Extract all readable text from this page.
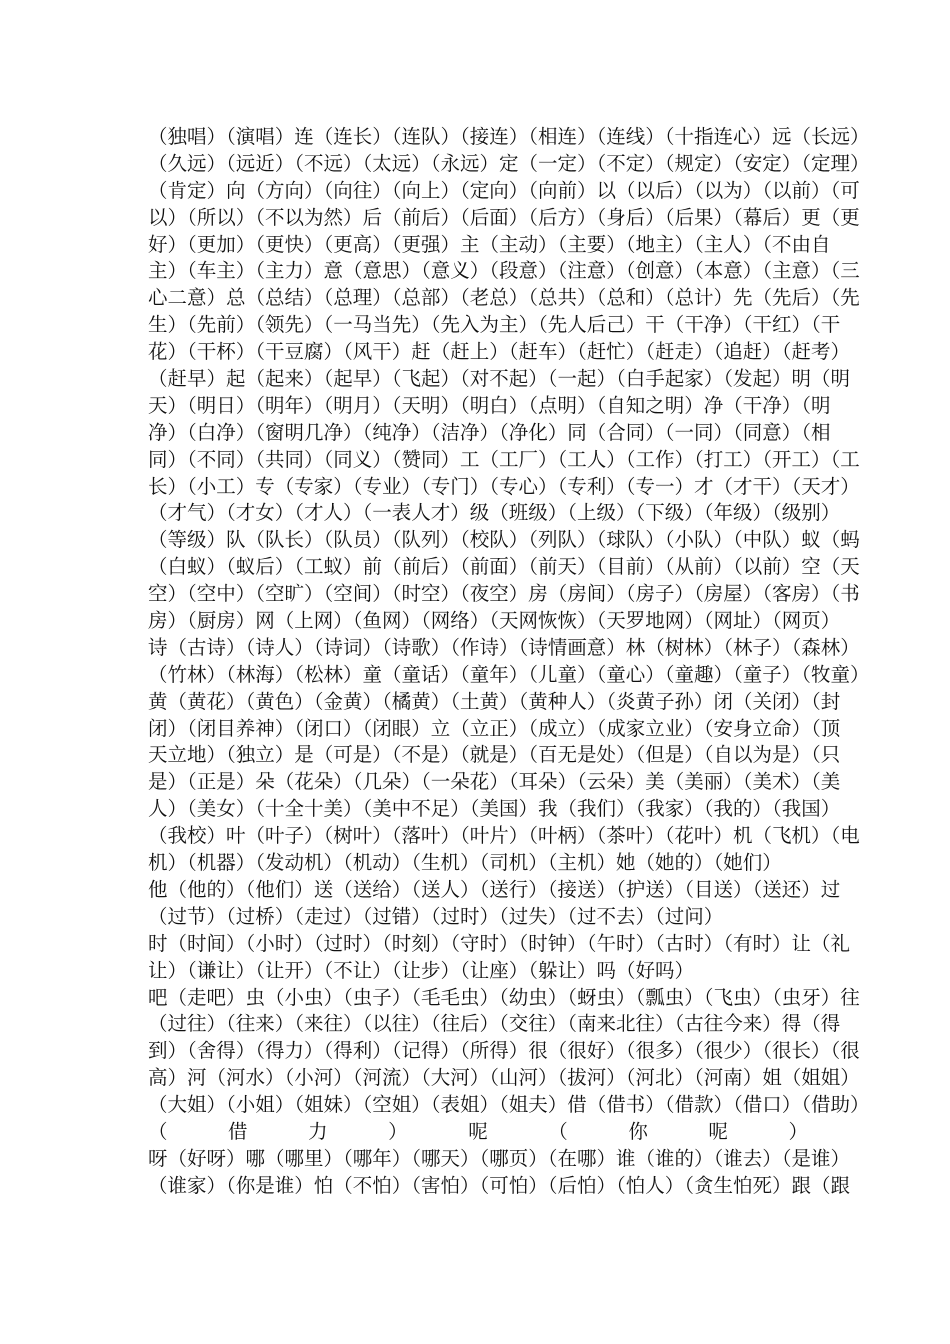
（独唱）（演唱）连（连长）（连队）（接连）（相连）（连线）（十指连心）远（长远）
（久远）（远近）（不远）（太远）（永远）定（一定）（不定）（规定）（安定）（定理）
（肯定）向（方向）（向往）（向上）（定向）（向前）以（以后）（以为）（以前）（可
以）（所以）（不以为然）后（前后）（后面）（后方）（身后）（后果）（幕后）更（更
好）（更加）（更快）（更高）（更强）主（主动）（主要）（地主）（主人）（不由自
主）（车主）（主力）意（意思）（意义）（段意）（注意）（创意）（本意）（主意）（三
心二意）总（总结）（总理）（总部）（老总）（总共）（总和）（总计）先（先后）（先
生）（先前）（领先）（一马当先）（先入为主）（先人后己）干（干净）（干红）（干
花）（干杯）（干豆腐）（风干）赶（赶上）（赶车）（赶忙）（赶走）（追赶）（赶考）
（赶早）起（起来）（起早）（飞起）（对不起）（一起）（白手起家）（发起）明（明
天）（明日）（明年）（明月）（天明）（明白）（点明）（自知之明）净（干净）（明
净）（白净）（窗明几净）（纯净）（洁净）（净化）同（合同）（一同）（同意）（相
同）（不同）（共同）（同义）（赞同）工（工厂）（工人）（工作）（打工）（开工）（工
长）（小工）专（专家）（专业）（专门）（专心）（专利）（专一）才（才干）（天才）
（才气）（才女）（才人）（一表人才）级（班级）（上级）（下级）（年级）（级别）
（等级）队（队长）（队员）（队列）（校队）（列队）（球队）（小队）（中队）蚁（蚂
（白蚁）（蚁后）（工蚁）前（前后）（前面）（前天）（目前）（从前）（以前）空（天
空）（空中）（空旷）（空间）（时空）（夜空）房（房间）（房子）（房屋）（客房）（书
房）（厨房）网（上网）（鱼网）（网络）（天网恢恢）（天罗地网）（网址）（网页）
诗（古诗）（诗人）（诗词）（诗歌）（作诗）（诗情画意）林（树林）（林子）（森林）
（竹林）（林海）（松林）童（童话）（童年）（儿童）（童心）（童趣）（童子）（牧童）
黄（黄花）（黄色）（金黄）（橘黄）（土黄）（黄种人）（炎黄子孙）闭（关闭）（封
闭）（闭目养神）（闭口）（闭眼）立（立正）（成立）（成家立业）（安身立命）（顶
天立地）（独立）是（可是）（不是）（就是）（百无是处）（但是）（自以为是）（只
是）（正是）朵（花朵）（几朵）（一朵花）（耳朵）（云朵）美（美丽）（美术）（美
人）（美女）（十全十美）（美中不足）（美国）我（我们）（我家）（我的）（我国）
（我校）叶（叶子）（树叶）（落叶）（叶片）（叶柄）（茶叶）（花叶）机（飞机）（电
机）（机器）（发动机）（机动）（生机）（司机）（主机）她（她的）（她们）
他（他的）（他们）送（送给）（送人）（送行）（接送）（护送）（目送）（送还）过
（过节）（过桥）（走过）（过错）（过时）（过失）（过不去）（过问）
时（时间）（小时）（过时）（时刻）（守时）（时钟）（午时）（古时）（有时）让（礼
让）（谦让）（让开）（不让）（让步）（让座）（躲让）吗（好吗）
吧（走吧）虫（小虫）（虫子）（毛毛虫）（幼虫）（蚜虫）（瓢虫）（飞虫）（虫牙）往
（过往）（往来）（来往）（以往）（往后）（交往）（南来北往）（古往今来）得（得
到）（舍得）（得力）（得利）（记得）（所得）很（很好）（很多）（很少）（很长）（很
高）河（河水）（小河）（河流）（大河）（山河）（拔河）（河北）（河南）姐（姐姐）
（大姐）（小姐）（姐妹）（空姐）（表姐）（姐夫）借（借书）（借款）（借口）（借助）
（借力）呢（你呢）
呀（好呀）哪（哪里）（哪年）（哪天）（哪页）（在哪）谁（谁的）（谁去）（是谁）
（谁家）（你是谁）怕（不怕）（害怕）（可怕）（后怕）（怕人）（贪生怕死）跟（跟
